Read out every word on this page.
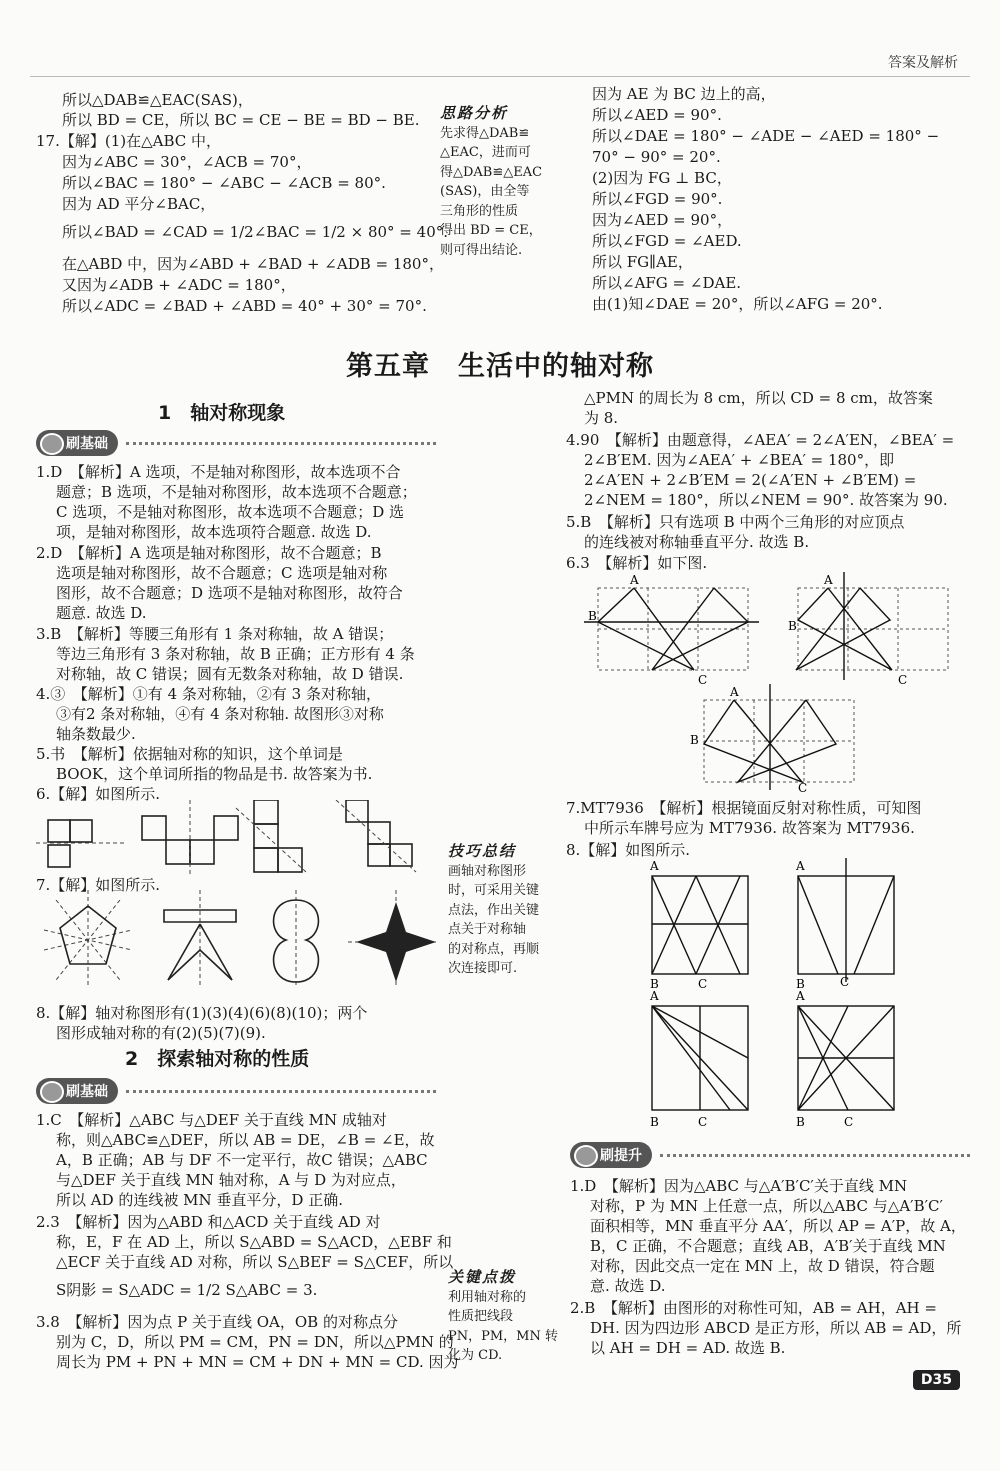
答案及解析
所以△DAB≌△EAC(SAS)，
所以 BD = CE，所以 BC = CE − BE = BD − BE.
17.【解】(1)在△ABC 中，
因为∠ABC = 30°，∠ACB = 70°，
所以∠BAC = 180° − ∠ABC − ∠ACB = 80°.
因为 AD 平分∠BAC，
所以∠BAD = ∠CAD = 1/2∠BAC = 1/2 × 80° = 40°.
在△ABD 中，因为∠ABD + ∠BAD + ∠ADB = 180°，
又因为∠ADB + ∠ADC = 180°，
所以∠ADC = ∠BAD + ∠ABD = 40° + 30° = 70°.
思路分析
先求得△DAB≌
△EAC，进而可
得△DAB≌△EAC
(SAS)，由全等
三角形的性质
得出 BD = CE，
则可得出结论.
因为 AE 为 BC 边上的高，
所以∠AED = 90°.
所以∠DAE = 180° − ∠ADE − ∠AED = 180° −
70° − 90° = 20°.
(2)因为 FG ⊥ BC，
所以∠FGD = 90°.
因为∠AED = 90°，
所以∠FGD = ∠AED.
所以 FG∥AE，
所以∠AFG = ∠DAE.
由(1)知∠DAE = 20°，所以∠AFG = 20°.
第五章　生活中的轴对称
1　轴对称现象
刷基础
1.D　【解析】A 选项，不是轴对称图形，故本选项不合
题意；B 选项，不是轴对称图形，故本选项不合题意；
C 选项，不是轴对称图形，故本选项不合题意；D 选
项，是轴对称图形，故本选项符合题意. 故选 D.
2.D　【解析】A 选项是轴对称图形，故不合题意；B
选项是轴对称图形，故不合题意；C 选项是轴对称
图形，故不合题意；D 选项不是轴对称图形，故符合
题意. 故选 D.
3.B　【解析】等腰三角形有 1 条对称轴，故 A 错误；
等边三角形有 3 条对称轴，故 B 正确；正方形有 4 条
对称轴，故 C 错误；圆有无数条对称轴，故 D 错误.
4.③　【解析】①有 4 条对称轴，②有 3 条对称轴，
③有2 条对称轴，④有 4 条对称轴. 故图形③对称
轴条数最少.
5.书　【解析】依据轴对称的知识，这个单词是
BOOK，这个单词所指的物品是书. 故答案为书.
6.【解】如图所示.
7.【解】如图所示.
8.【解】轴对称图形有(1)(3)(4)(6)(8)(10)；两个
图形成轴对称的有(2)(5)(7)(9).
2　探索轴对称的性质
刷基础
1.C　【解析】△ABC 与△DEF 关于直线 MN 成轴对
称，则△ABC≌△DEF，所以 AB = DE，∠B = ∠E，故
A，B 正确；AB 与 DF 不一定平行，故C 错误；△ABC
与△DEF 关于直线 MN 轴对称，A 与 D 为对应点，
所以 AD 的连线被 MN 垂直平分，D 正确.
2.3　【解析】因为△ABD 和△ACD 关于直线 AD 对
称，E，F 在 AD 上，所以 S△ABD = S△ACD，△EBF 和
△ECF 关于直线 AD 对称，所以 S△BEF = S△CEF，所以
S阴影 = S△ADC = 1/2 S△ABC = 3.
3.8　【解析】因为点 P 关于直线 OA，OB 的对称点分
别为 C，D，所以 PM = CM，PN = DN，所以△PMN 的
周长为 PM + PN + MN = CM + DN + MN = CD. 因为
技巧总结
画轴对称图形
时，可采用关键
点法，作出关键
点关于对称轴
的对称点，再顺
次连接即可.
关键点拨
利用轴对称的
性质把线段
PN，PM，MN 转
化为 CD.
△PMN 的周长为 8 cm，所以 CD = 8 cm，故答案
为 8.
4.90　【解析】由题意得，∠AEA′ = 2∠A′EN，∠BEA′ =
2∠B′EM. 因为∠AEA′ + ∠BEA′ = 180°，即
2∠A′EN + 2∠B′EM = 2(∠A′EN + ∠B′EM) =
2∠NEM = 180°，所以∠NEM = 90°. 故答案为 90.
5.B　【解析】只有选项 B 中两个三角形的对应顶点
的连线被对称轴垂直平分. 故选 B.
6.3　【解析】如下图.
A
B
C
A
B
C
A
B
C
7.MT7936　【解析】根据镜面反射对称性质，可知图
中所示车牌号应为 MT7936. 故答案为 MT7936.
8.【解】如图所示.
A
B	C
A
B	C
A
B	C
A
B	C
刷提升
1.D　【解析】因为△ABC 与△A′B′C′关于直线 MN
对称，P 为 MN 上任意一点，所以△ABC 与△A′B′C′
面积相等，MN 垂直平分 AA′，所以 AP = A′P，故 A，
B，C 正确，不合题意；直线 AB，A′B′关于直线 MN
对称，因此交点一定在 MN 上，故 D 错误，符合题
意. 故选 D.
2.B　【解析】由图形的对称性可知，AB = AH，AH =
DH. 因为四边形 ABCD 是正方形，所以 AB = AD，所
以 AH = DH = AD. 故选 B.
D35
